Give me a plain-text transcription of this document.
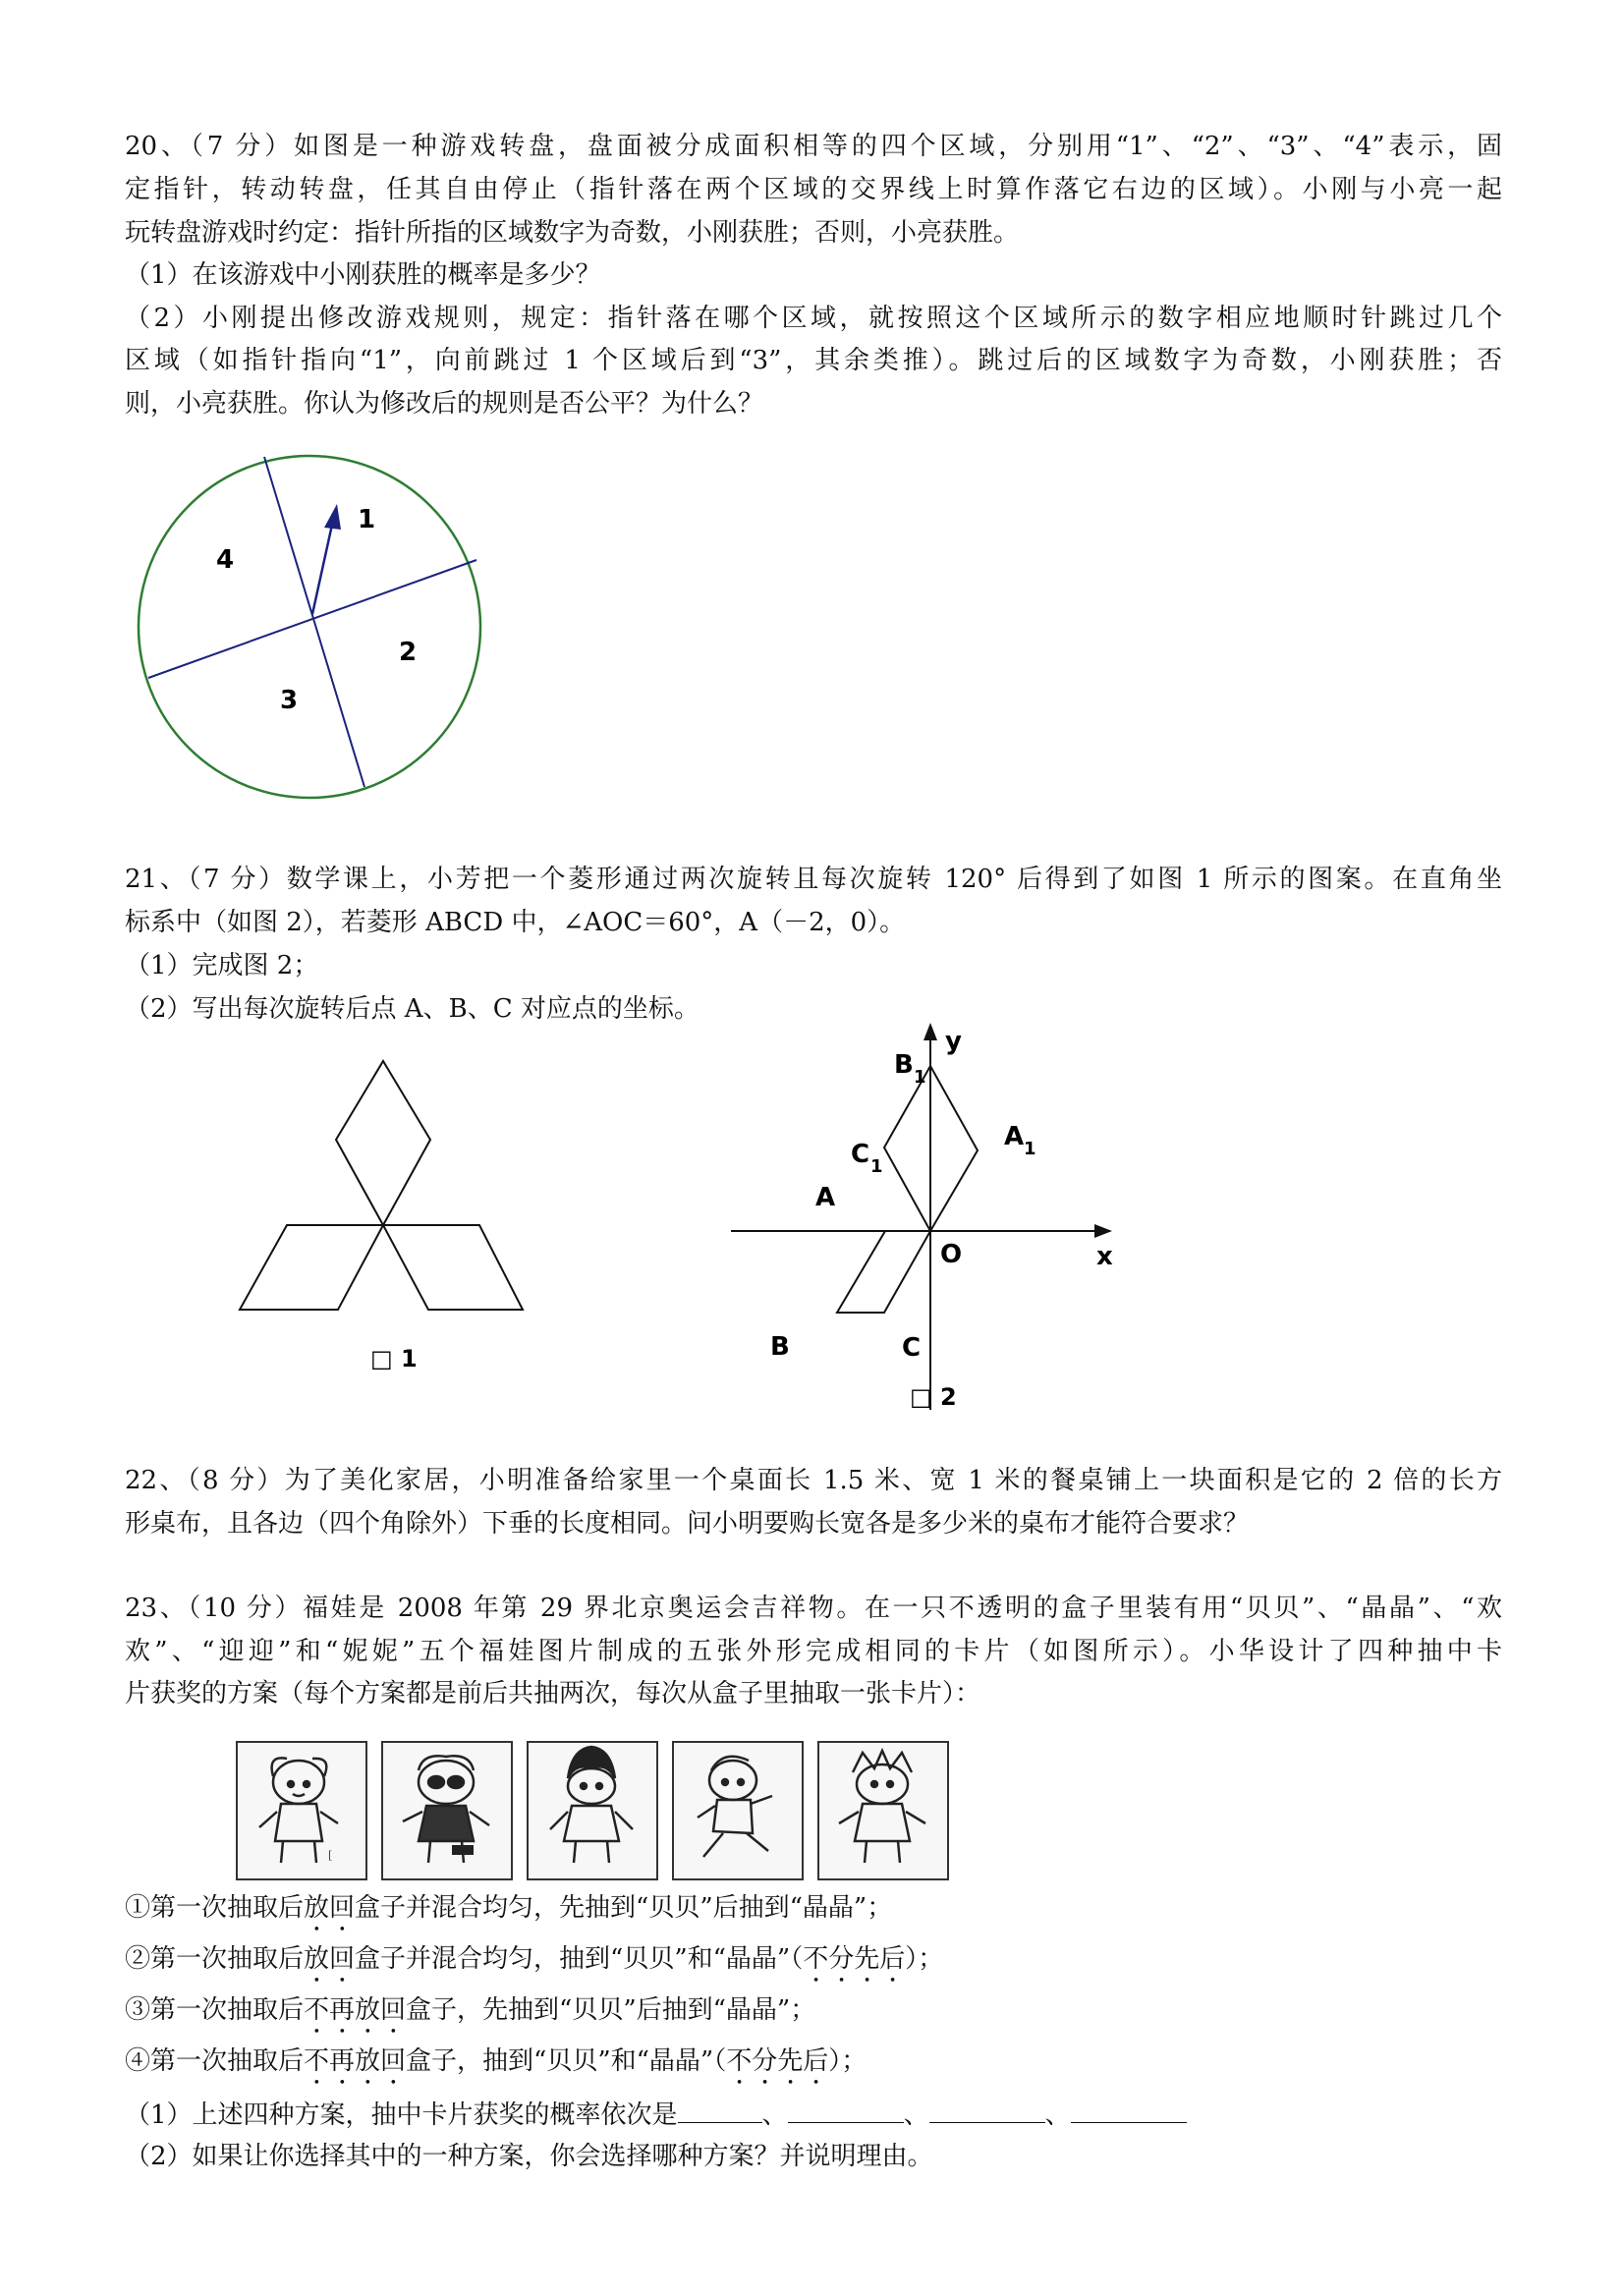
20、（7 分）如图是一种游戏转盘，盘面被分成面积相等的四个区域，分别用“1”、“2”、“3”、“4”表示，固
定指针，转动转盘，任其自由停止（指针落在两个区域的交界线上时算作落它右边的区域）。小刚与小亮一起
玩转盘游戏时约定：指针所指的区域数字为奇数，小刚获胜；否则，小亮获胜。
（1）在该游戏中小刚获胜的概率是多少？
（2）小刚提出修改游戏规则，规定：指针落在哪个区域，就按照这个区域所示的数字相应地顺时针跳过几个
区域（如指针指向“1”，向前跳过 1 个区域后到“3”，其余类推）。跳过后的区域数字为奇数，小刚获胜；否
则，小亮获胜。你认为修改后的规则是否公平？为什么？
1
2
3
4
21、（7 分）数学课上，小芳把一个菱形通过两次旋转且每次旋转 120° 后得到了如图 1 所示的图案。在直角坐
标系中（如图 2），若菱形 ABCD 中，∠AOC＝60°，A（－2，0）。
（1）完成图 2；
（2）写出每次旋转后点 A、B、C 对应点的坐标。
□ 1
y
x
O
A
B	C
B 1
A 1
C 1
□ 2
22、（8 分）为了美化家居，小明准备给家里一个桌面长 1.5 米、宽 1 米的餐桌铺上一块面积是它的 2 倍的长方
形桌布，且各边（四个角除外）下垂的长度相同。问小明要购长宽各是多少米的桌布才能符合要求？
23、（10 分）福娃是 2008 年第 29 界北京奥运会吉祥物。在一只不透明的盒子里装有用“贝贝”、“晶晶”、“欢
欢”、“迎迎”和“妮妮”五个福娃图片制成的五张外形完成相同的卡片（如图所示）。小华设计了四种抽中卡
片获奖的方案（每个方案都是前后共抽两次，每次从盒子里抽取一张卡片）：
[
①第一次抽取后放回盒子并混合均匀，先抽到“贝贝”后抽到“晶晶”；
②第一次抽取后放回盒子并混合均匀，抽到“贝贝”和“晶晶”（不分先后）；
③第一次抽取后不再放回盒子，先抽到“贝贝”后抽到“晶晶”；
④第一次抽取后不再放回盒子，抽到“贝贝”和“晶晶”（不分先后）；
（1）上述四种方案，抽中卡片获奖的概率依次是	、	、	、
（2）如果让你选择其中的一种方案，你会选择哪种方案？并说明理由。
